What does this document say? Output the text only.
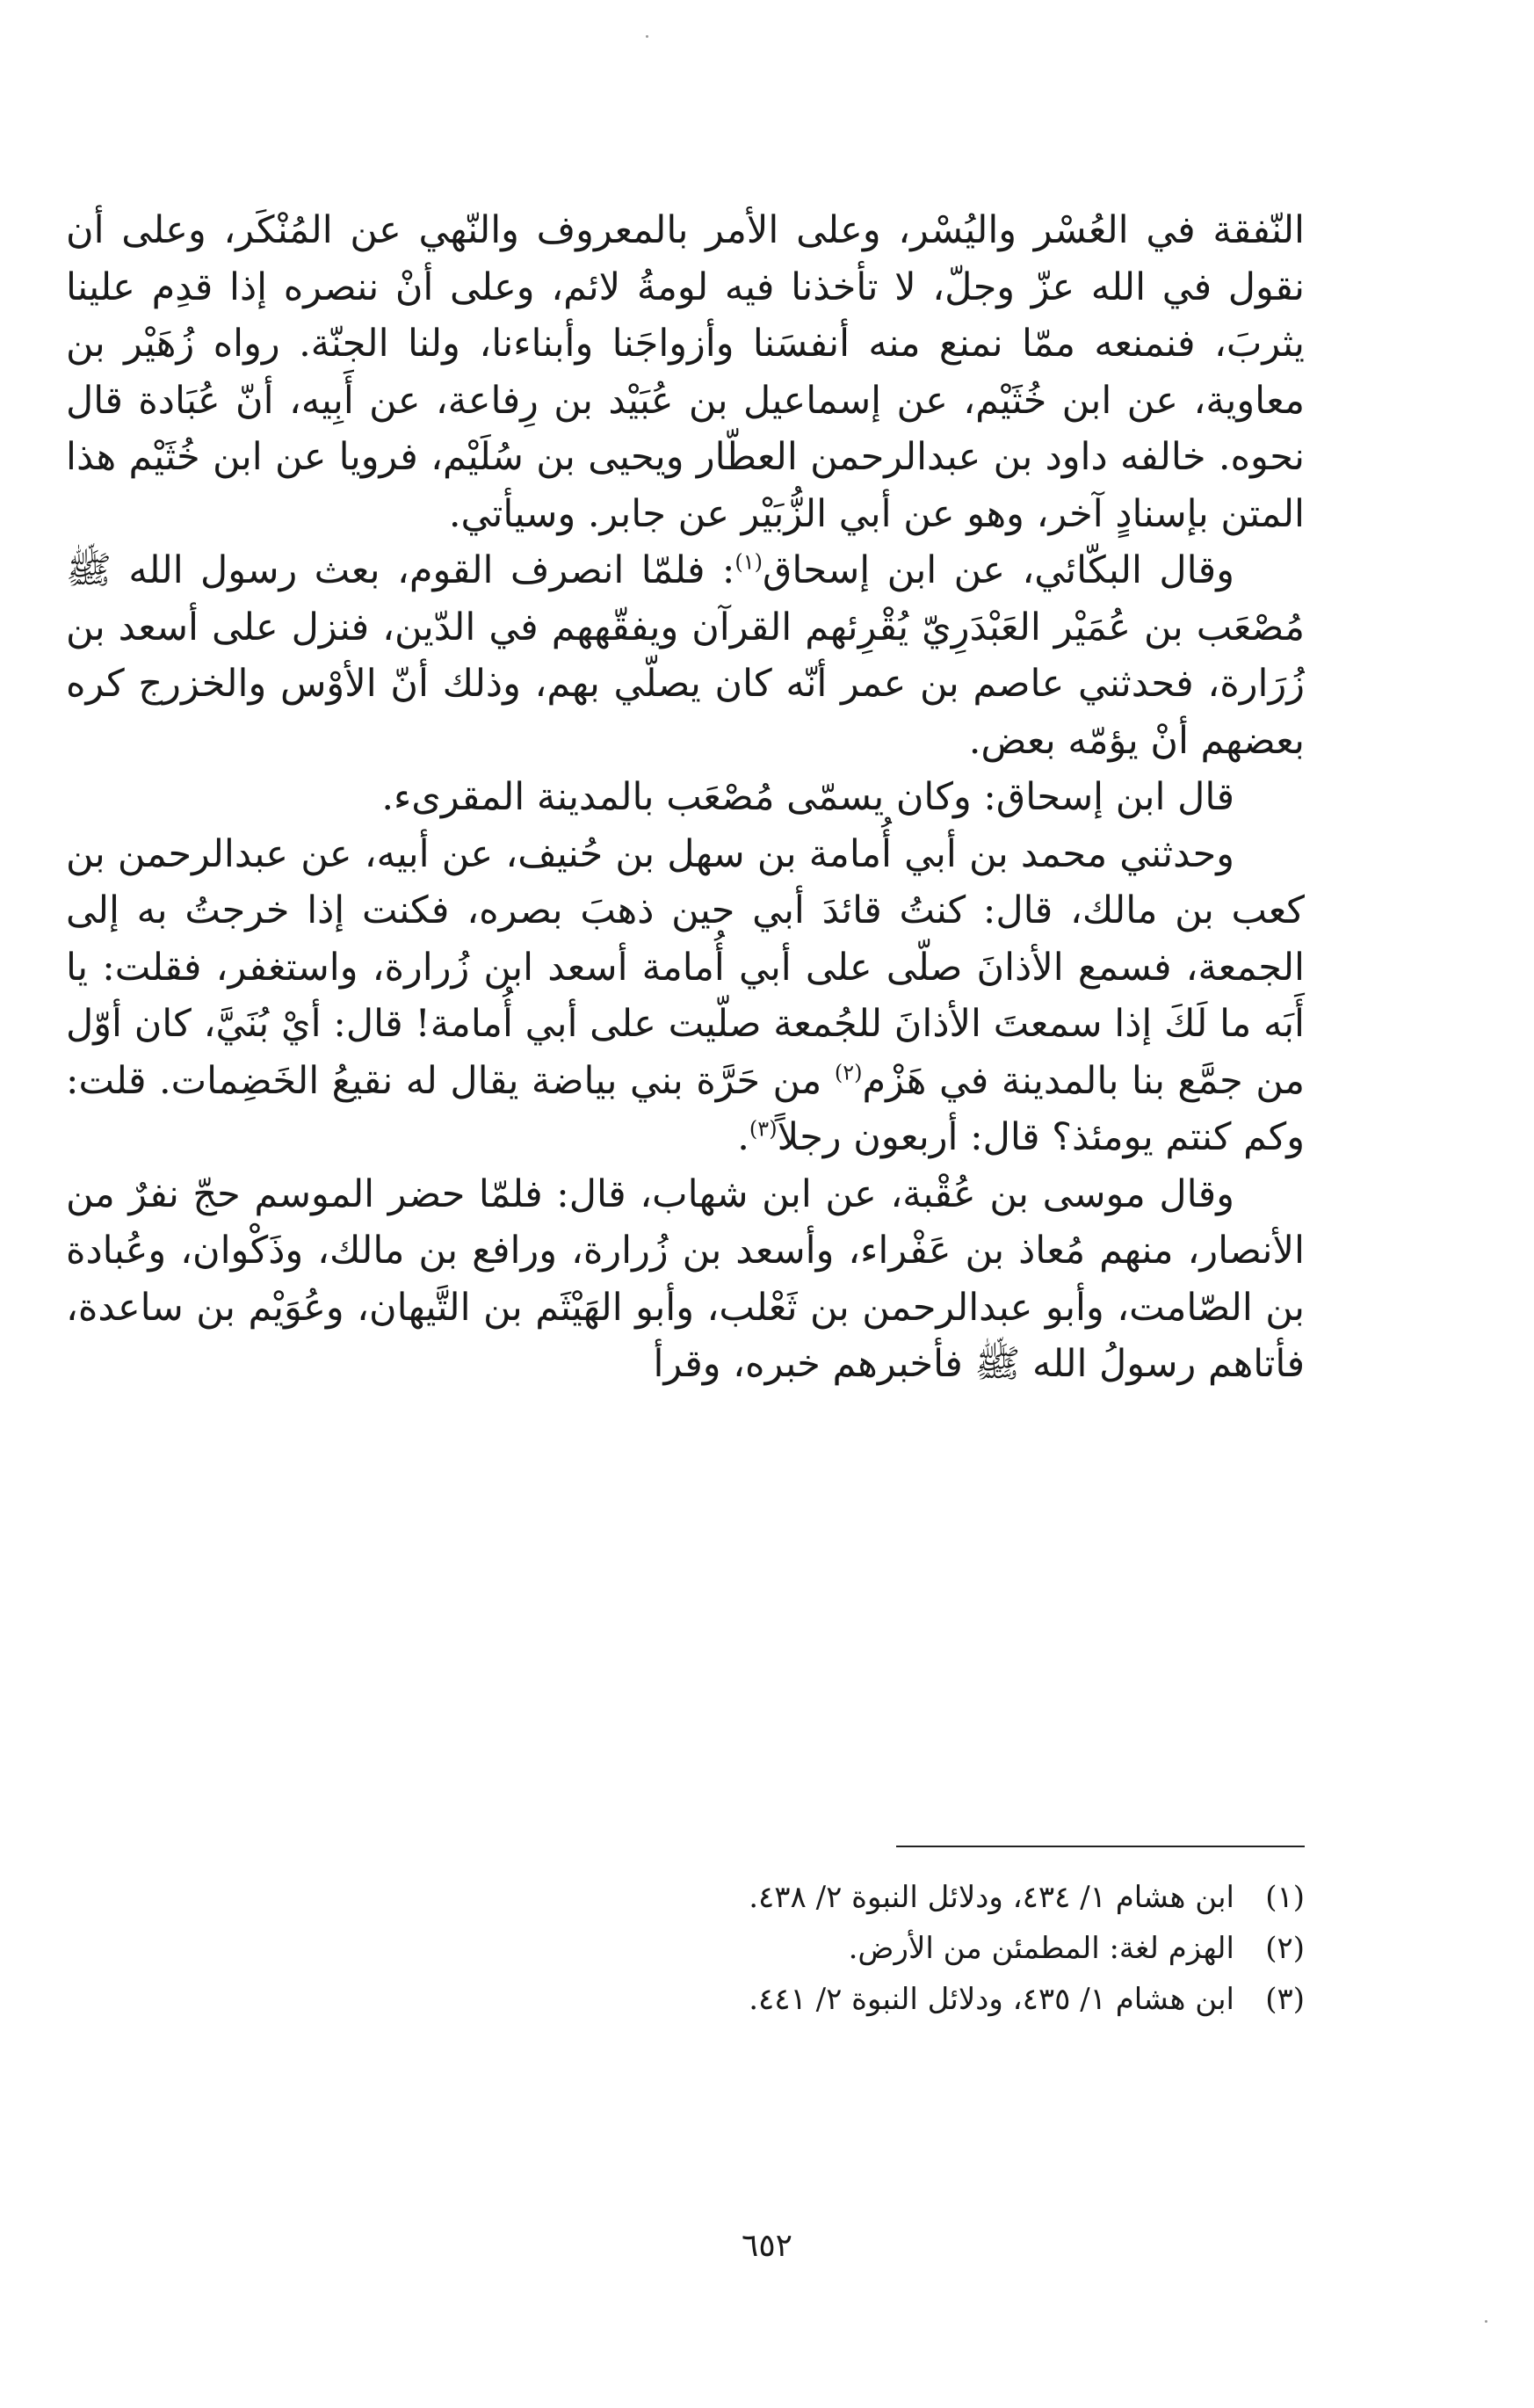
النّفقة في العُسْر واليُسْر، وعلى الأمر بالمعروف والنّهي عن المُنْكَر، وعلى أن نقول في الله عزّ وجلّ، لا تأخذنا فيه لومةُ لائم، وعلى أنْ ننصره إذا قدِم علينا يثربَ، فنمنعه ممّا نمنع منه أنفسَنا وأزواجَنا وأبناءنا، ولنا الجنّة. رواه زُهَيْر بن معاوية، عن ابن خُثَيْم، عن إسماعيل بن عُبَيْد بن رِفاعة، عن أَبِيه، أنّ عُبَادة قال نحوه. خالفه داود بن عبدالرحمن العطّار ويحيى بن سُلَيْم، فرويا عن ابن خُثَيْم هذا المتن بإسنادٍ آخر، وهو عن أبي الزُّبَيْر عن جابر. وسيأتي.

وقال البكّائي، عن ابن إسحاق$^{(١)}$: فلمّا انصرف القوم، بعث رسول الله ﷺ مُصْعَب بن عُمَيْر العَبْدَرِيّ يُقْرِئهم القرآن ويفقّههم في الدّين، فنزل على أسعد بن زُرَارة، فحدثني عاصم بن عمر أنّه كان يصلّي بهم، وذلك أنّ الأوْس والخزرج كره بعضهم أنْ يؤمّه بعض.

قال ابن إسحاق: وكان يسمّى مُصْعَب بالمدينة المقرىء.

وحدثني محمد بن أبي أُمامة بن سهل بن حُنيف، عن أبيه، عن عبدالرحمن بن كعب بن مالك، قال: كنتُ قائدَ أبي حين ذهبَ بصره، فكنت إذا خرجتُ به إلى الجمعة، فسمع الأذانَ صلّى على أبي أُمامة أسعد ابن زُرارة، واستغفر، فقلت: يا أَبَه ما لَكَ إذا سمعتَ الأذانَ للجُمعة صلّيت على أبي أُمامة! قال: أيْ بُنَيَّ، كان أوّل من جمَّع بنا بالمدينة في هَزْم$^{(٢)}$ من حَرَّة بني بياضة يقال له نقيعُ الخَضِمات. قلت: وكم كنتم يومئذ؟ قال: أربعون رجلاً$^{(٣)}$.

وقال موسى بن عُقْبة، عن ابن شهاب، قال: فلمّا حضر الموسم حجّ نفرٌ من الأنصار، منهم مُعاذ بن عَفْراء، وأسعد بن زُرارة، ورافع بن مالك، وذَكْوان، وعُبادة بن الصّامت، وأبو عبدالرحمن بن ثَعْلب، وأبو الهَيْثَم بن التَّيهان، وعُوَيْم بن ساعدة، فأتاهم رسولُ الله ﷺ فأخبرهم خبره، وقرأ

(١)
ابن هشام ١/ ٤٣٤، ودلائل النبوة ٢/ ٤٣٨.
(٢)
الهزم لغة: المطمئن من الأرض.
(٣)
ابن هشام ١/ ٤٣٥، ودلائل النبوة ٢/ ٤٤١.
٦٥٢
